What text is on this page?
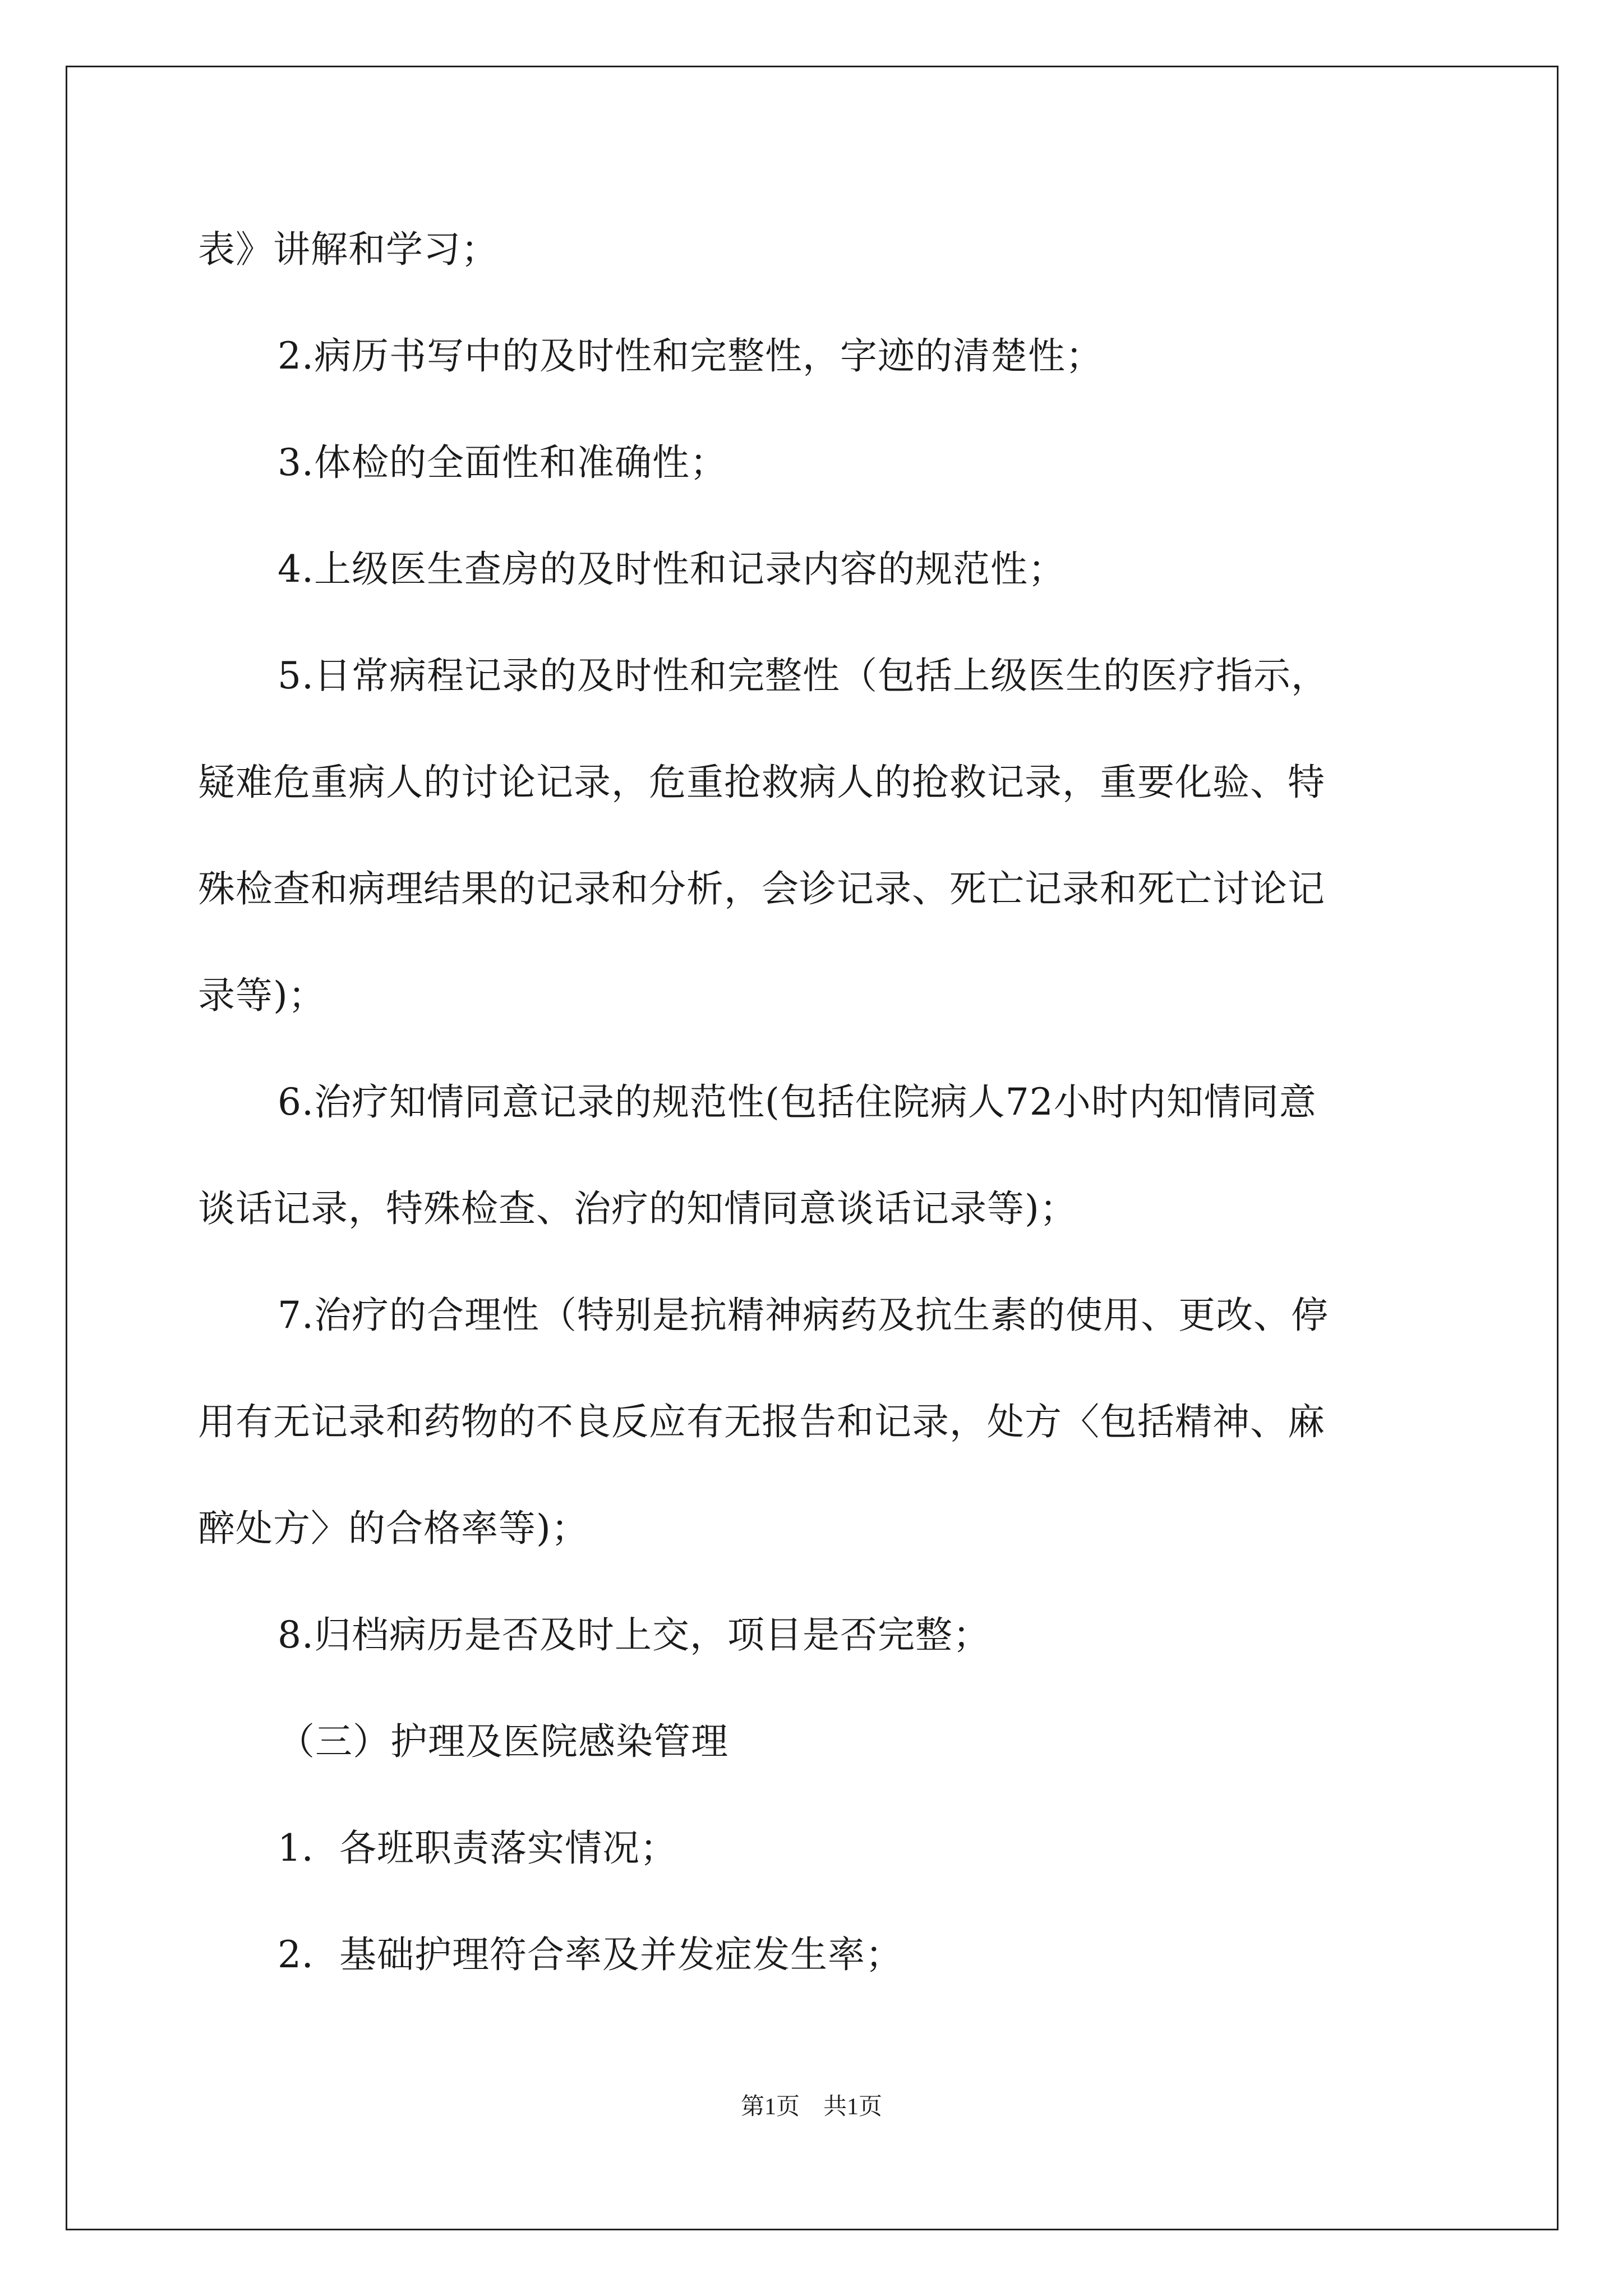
表》讲解和学习；
2.病历书写中的及时性和完整性，字迹的清楚性；
3.体检的全面性和准确性；
4.上级医生查房的及时性和记录内容的规范性；
5.日常病程记录的及时性和完整性（包括上级医生的医疗指示，
疑难危重病人的讨论记录，危重抢救病人的抢救记录，重要化验、特
殊检查和病理结果的记录和分析，会诊记录、死亡记录和死亡讨论记
录等)；
6.治疗知情同意记录的规范性(包括住院病人72小时内知情同意
谈话记录，特殊检查、治疗的知情同意谈话记录等)；
7.治疗的合理性（特别是抗精神病药及抗生素的使用、更改、停
用有无记录和药物的不良反应有无报告和记录，处方〈包括精神、麻
醉处方〉的合格率等)；
8.归档病历是否及时上交，项目是否完整；
（三）护理及医院感染管理
1．各班职责落实情况；
2．基础护理符合率及并发症发生率；
第1页　共1页
